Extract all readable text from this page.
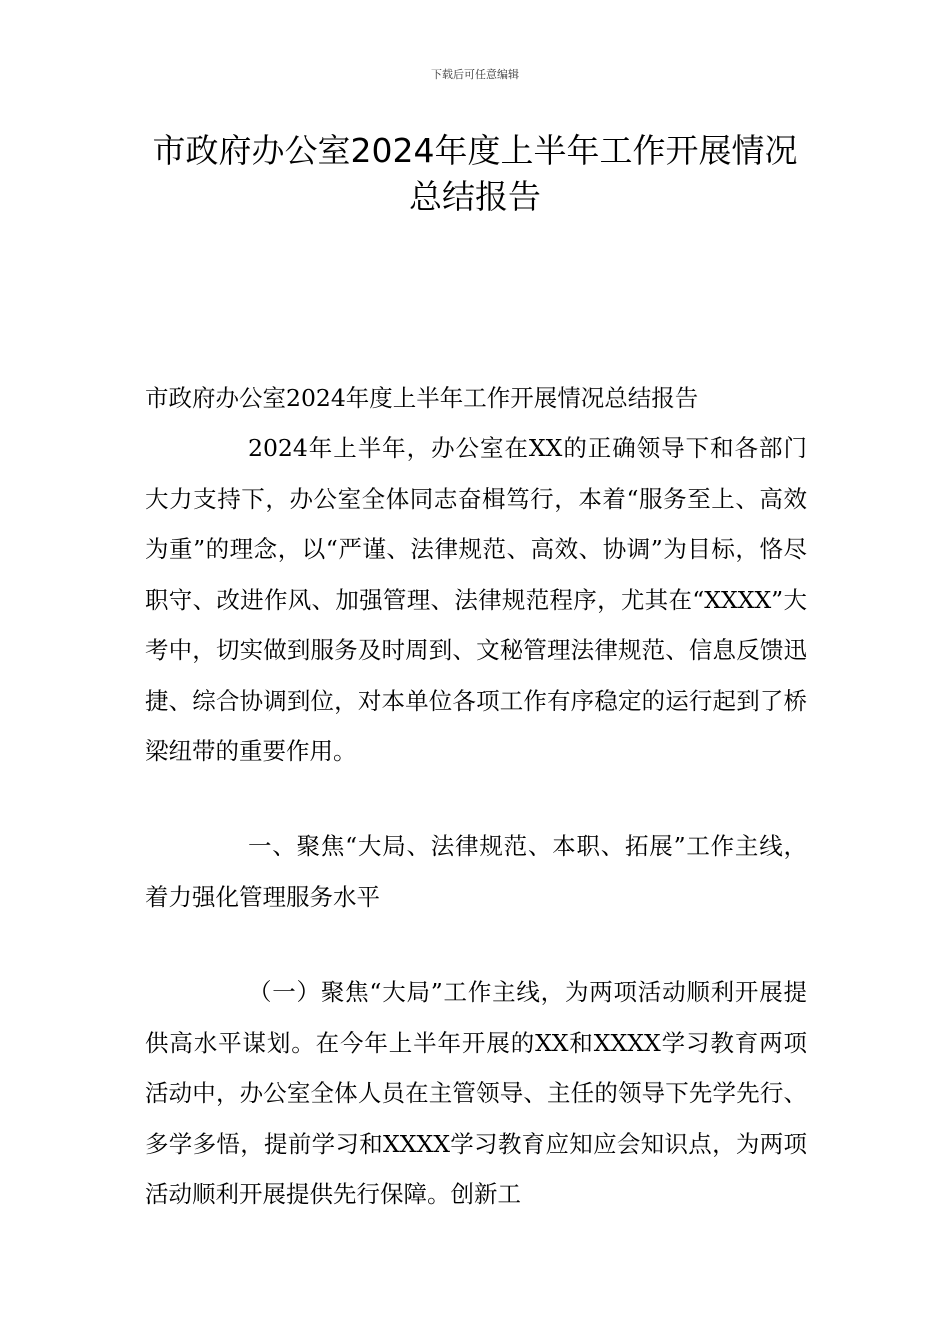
下载后可任意编辑
市政府办公室2024年度上半年工作开展情况总结报告
市政府办公室2024年度上半年工作开展情况总结报告
2024年上半年，办公室在XX的正确领导下和各部门大力支持下，办公室全体同志奋楫笃行，本着“服务至上、高效为重”的理念，以“严谨、法律规范、高效、协调”为目标，恪尽职守、改进作风、加强管理、法律规范程序，尤其在“XXXX”大考中，切实做到服务及时周到、文秘管理法律规范、信息反馈迅捷、综合协调到位，对本单位各项工作有序稳定的运行起到了桥梁纽带的重要作用。
一、聚焦“大局、法律规范、本职、拓展”工作主线，着力强化管理服务水平
（一）聚焦“大局”工作主线，为两项活动顺利开展提供高水平谋划。在今年上半年开展的XX和XXXX学习教育两项活动中，办公室全体人员在主管领导、主任的领导下先学先行、多学多悟，提前学习和XXXX学习教育应知应会知识点，为两项活动顺利开展提供先行保障。创新工
